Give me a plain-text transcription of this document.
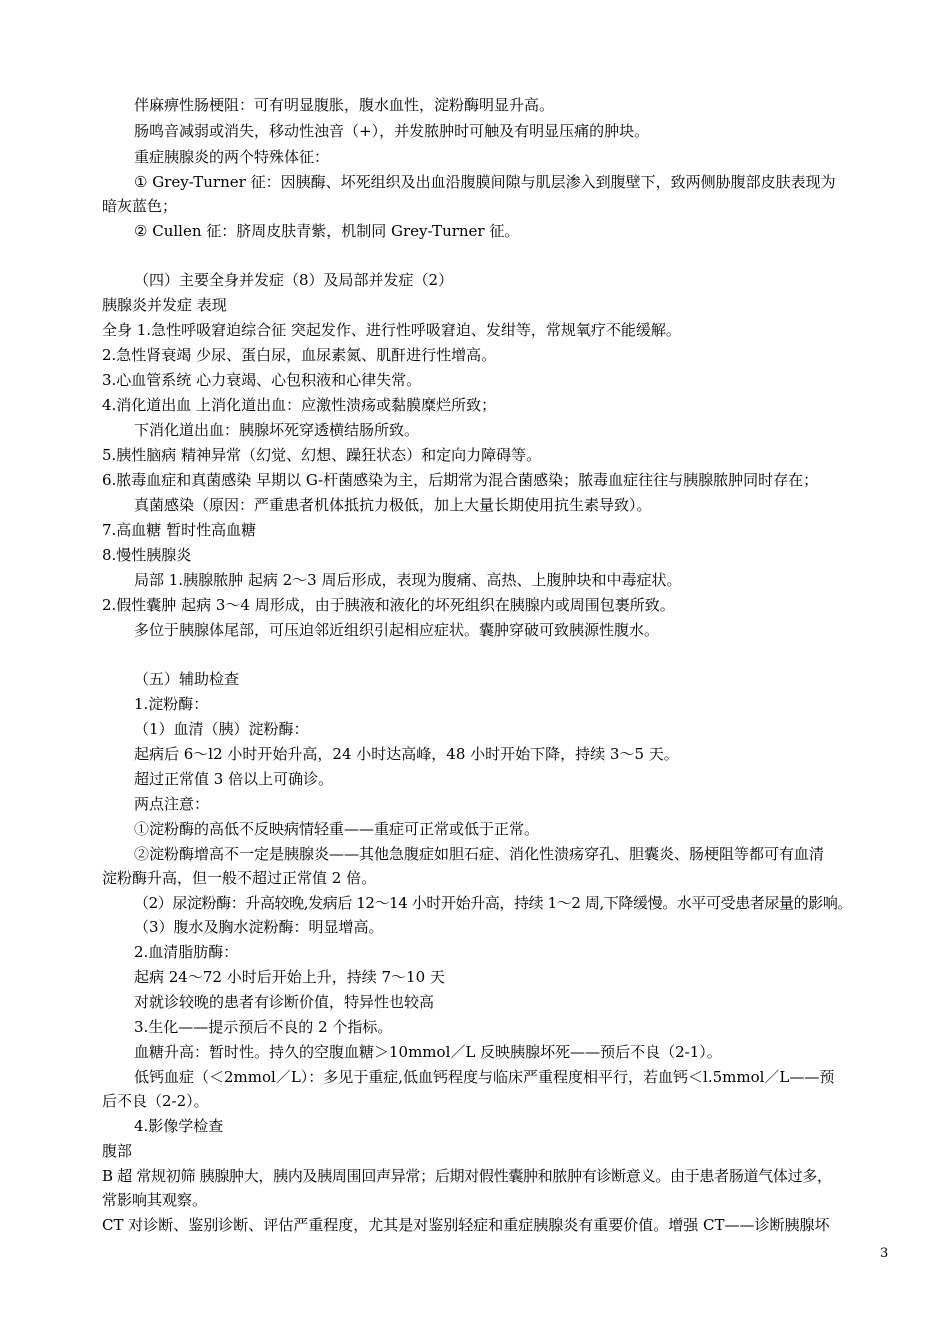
伴麻痹性肠梗阻：可有明显腹胀，腹水血性，淀粉酶明显升高。

肠鸣音减弱或消失，移动性浊音（+），并发脓肿时可触及有明显压痛的肿块。

重症胰腺炎的两个特殊体征：

① Grey-Turner 征：因胰酶、坏死组织及出血沿腹膜间隙与肌层渗入到腹壁下，致两侧胁腹部皮肤表现为

暗灰蓝色；

② Cullen 征：脐周皮肤青紫，机制同 Grey-Turner 征。

（四）主要全身并发症（8）及局部并发症（2）

胰腺炎并发症 表现

全身 1.急性呼吸窘迫综合征 突起发作、进行性呼吸窘迫、发绀等，常规氧疗不能缓解。

2.急性肾衰竭 少尿、蛋白尿，血尿素氮、肌酐进行性增高。

3.心血管系统 心力衰竭、心包积液和心律失常。

4.消化道出血 上消化道出血：应激性溃疡或黏膜糜烂所致；

下消化道出血：胰腺坏死穿透横结肠所致。

5.胰性脑病 精神异常（幻觉、幻想、躁狂状态）和定向力障碍等。

6.脓毒血症和真菌感染 早期以 G-杆菌感染为主，后期常为混合菌感染；脓毒血症往往与胰腺脓肿同时存在；

真菌感染（原因：严重患者机体抵抗力极低，加上大量长期使用抗生素导致）。

7.高血糖 暂时性高血糖

8.慢性胰腺炎

局部 1.胰腺脓肿 起病 2～3 周后形成，表现为腹痛、高热、上腹肿块和中毒症状。

2.假性囊肿 起病 3～4 周形成，由于胰液和液化的坏死组织在胰腺内或周围包裹所致。

多位于胰腺体尾部，可压迫邻近组织引起相应症状。囊肿穿破可致胰源性腹水。

（五）辅助检查

1.淀粉酶：

（1）血清（胰）淀粉酶：

起病后 6～l2 小时开始升高，24 小时达高峰，48 小时开始下降，持续 3～5 天。

超过正常值 3 倍以上可确诊。

两点注意：

①淀粉酶的高低不反映病情轻重——重症可正常或低于正常。

②淀粉酶增高不一定是胰腺炎——其他急腹症如胆石症、消化性溃疡穿孔、胆囊炎、肠梗阻等都可有血清

淀粉酶升高，但一般不超过正常值 2 倍。

（2）尿淀粉酶：升高较晚,发病后 12～14 小时开始升高，持续 1～2 周,下降缓慢。水平可受患者尿量的影响。

（3）腹水及胸水淀粉酶：明显增高。

2.血清脂肪酶：

起病 24～72 小时后开始上升，持续 7～10 天

对就诊较晚的患者有诊断价值，特异性也较高

3.生化——提示预后不良的 2 个指标。

血糖升高：暂时性。持久的空腹血糖＞10mmol／L 反映胰腺坏死——预后不良（2-1）。

低钙血症（＜2mmol／L）：多见于重症,低血钙程度与临床严重程度相平行，若血钙＜l.5mmol／L——预

后不良（2-2）。

4.影像学检查

腹部

B 超 常规初筛 胰腺肿大，胰内及胰周围回声异常；后期对假性囊肿和脓肿有诊断意义。由于患者肠道气体过多，

常影响其观察。

CT 对诊断、鉴别诊断、评估严重程度，尤其是对鉴别轻症和重症胰腺炎有重要价值。增强 CT——诊断胰腺坏

3
